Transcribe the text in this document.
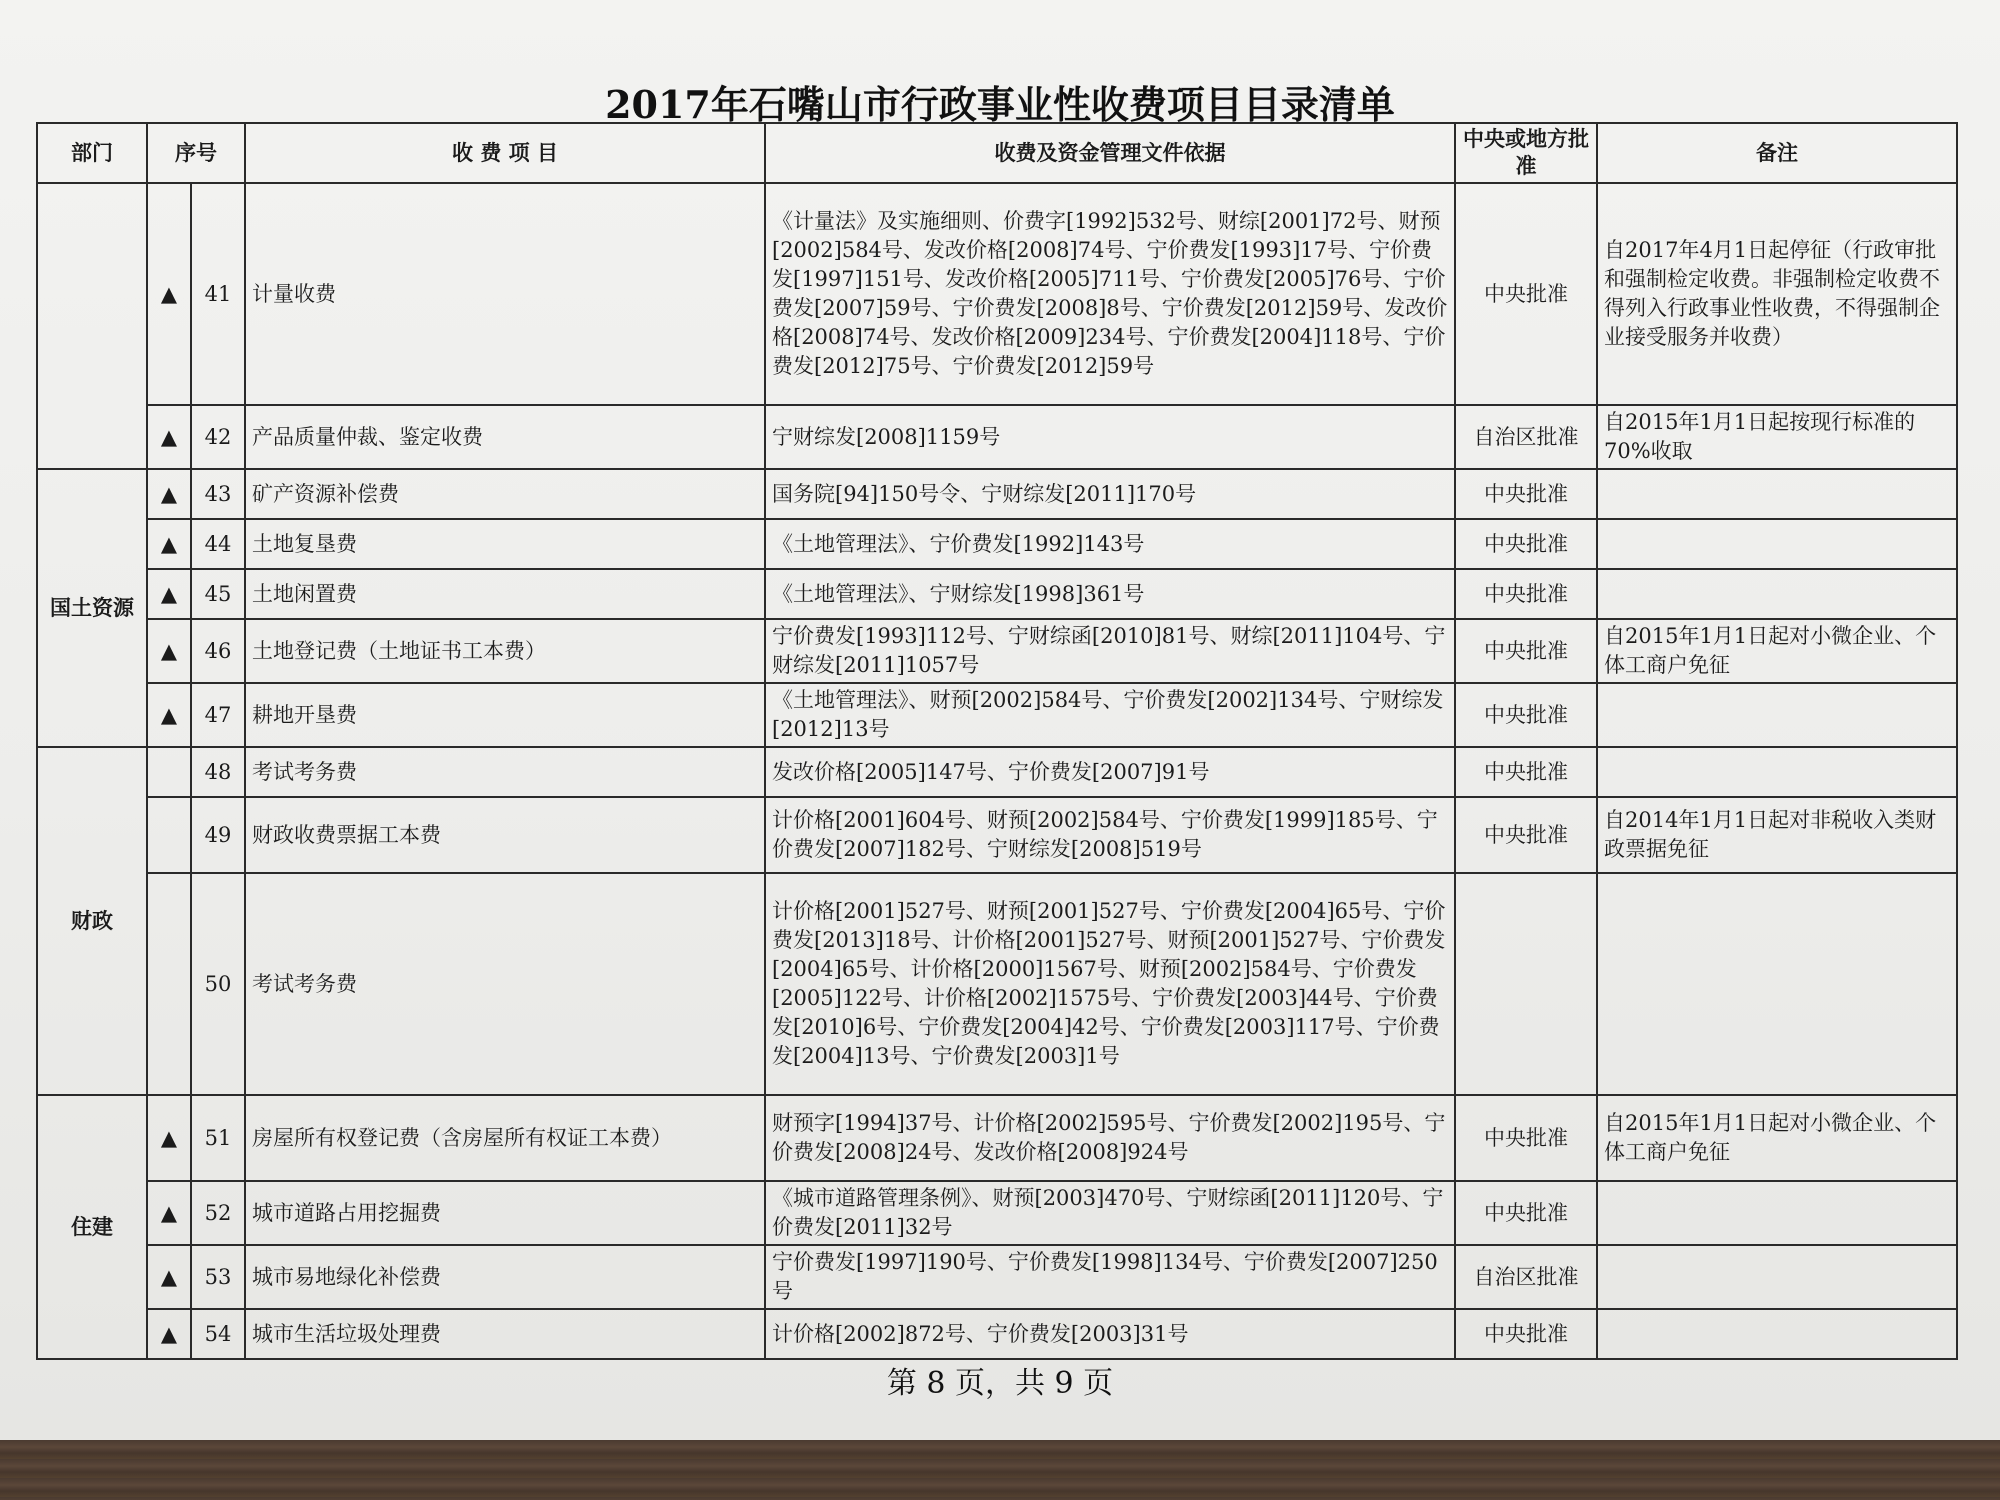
2017年石嘴山市行政事业性收费项目目录清单
部门	序号		收 费 项 目	收费及资金管理文件依据	中央或地方批准	备注
	▲	41	计量收费	《计量法》及实施细则、价费字[1992]532号、财综[2001]72号、财预[2002]584号、发改价格[2008]74号、宁价费发[1993]17号、宁价费发[1997]151号、发改价格[2005]711号、宁价费发[2005]76号、宁价费发[2007]59号、宁价费发[2008]8号、宁价费发[2012]59号、发改价格[2008]74号、发改价格[2009]234号、宁价费发[2004]118号、宁价费发[2012]75号、宁价费发[2012]59号	中央批准	自2017年4月1日起停征（行政审批和强制检定收费。非强制检定收费不得列入行政事业性收费，不得强制企业接受服务并收费）
	▲	42	产品质量仲裁、鉴定收费	宁财综发[2008]1159号	自治区批准	自2015年1月1日起按现行标准的70%收取
国土资源	▲	43	矿产资源补偿费	国务院[94]150号令、宁财综发[2011]170号	中央批准	
	▲	44	土地复垦费	《土地管理法》、宁价费发[1992]143号	中央批准	
	▲	45	土地闲置费	《土地管理法》、宁财综发[1998]361号	中央批准	
	▲	46	土地登记费（土地证书工本费）	宁价费发[1993]112号、宁财综函[2010]81号、财综[2011]104号、宁财综发[2011]1057号	中央批准	自2015年1月1日起对小微企业、个体工商户免征
	▲	47	耕地开垦费	《土地管理法》、财预[2002]584号、宁价费发[2002]134号、宁财综发[2012]13号	中央批准	
财政		48	考试考务费	发改价格[2005]147号、宁价费发[2007]91号	中央批准	
		49	财政收费票据工本费	计价格[2001]604号、财预[2002]584号、宁价费发[1999]185号、宁价费发[2007]182号、宁财综发[2008]519号	中央批准	自2014年1月1日起对非税收入类财政票据免征
		50	考试考务费	计价格[2001]527号、财预[2001]527号、宁价费发[2004]65号、宁价费发[2013]18号、计价格[2001]527号、财预[2001]527号、宁价费发[2004]65号、计价格[2000]1567号、财预[2002]584号、宁价费发[2005]122号、计价格[2002]1575号、宁价费发[2003]44号、宁价费发[2010]6号、宁价费发[2004]42号、宁价费发[2003]117号、宁价费发[2004]13号、宁价费发[2003]1号		
住建	▲	51	房屋所有权登记费（含房屋所有权证工本费）	财预字[1994]37号、计价格[2002]595号、宁价费发[2002]195号、宁价费发[2008]24号、发改价格[2008]924号	中央批准	自2015年1月1日起对小微企业、个体工商户免征
	▲	52	城市道路占用挖掘费	《城市道路管理条例》、财预[2003]470号、宁财综函[2011]120号、宁价费发[2011]32号	中央批准	
	▲	53	城市易地绿化补偿费	宁价费发[1997]190号、宁价费发[1998]134号、宁价费发[2007]250号	自治区批准	
	▲	54	城市生活垃圾处理费	计价格[2002]872号、宁价费发[2003]31号	中央批准	
第 8 页，共 9 页
